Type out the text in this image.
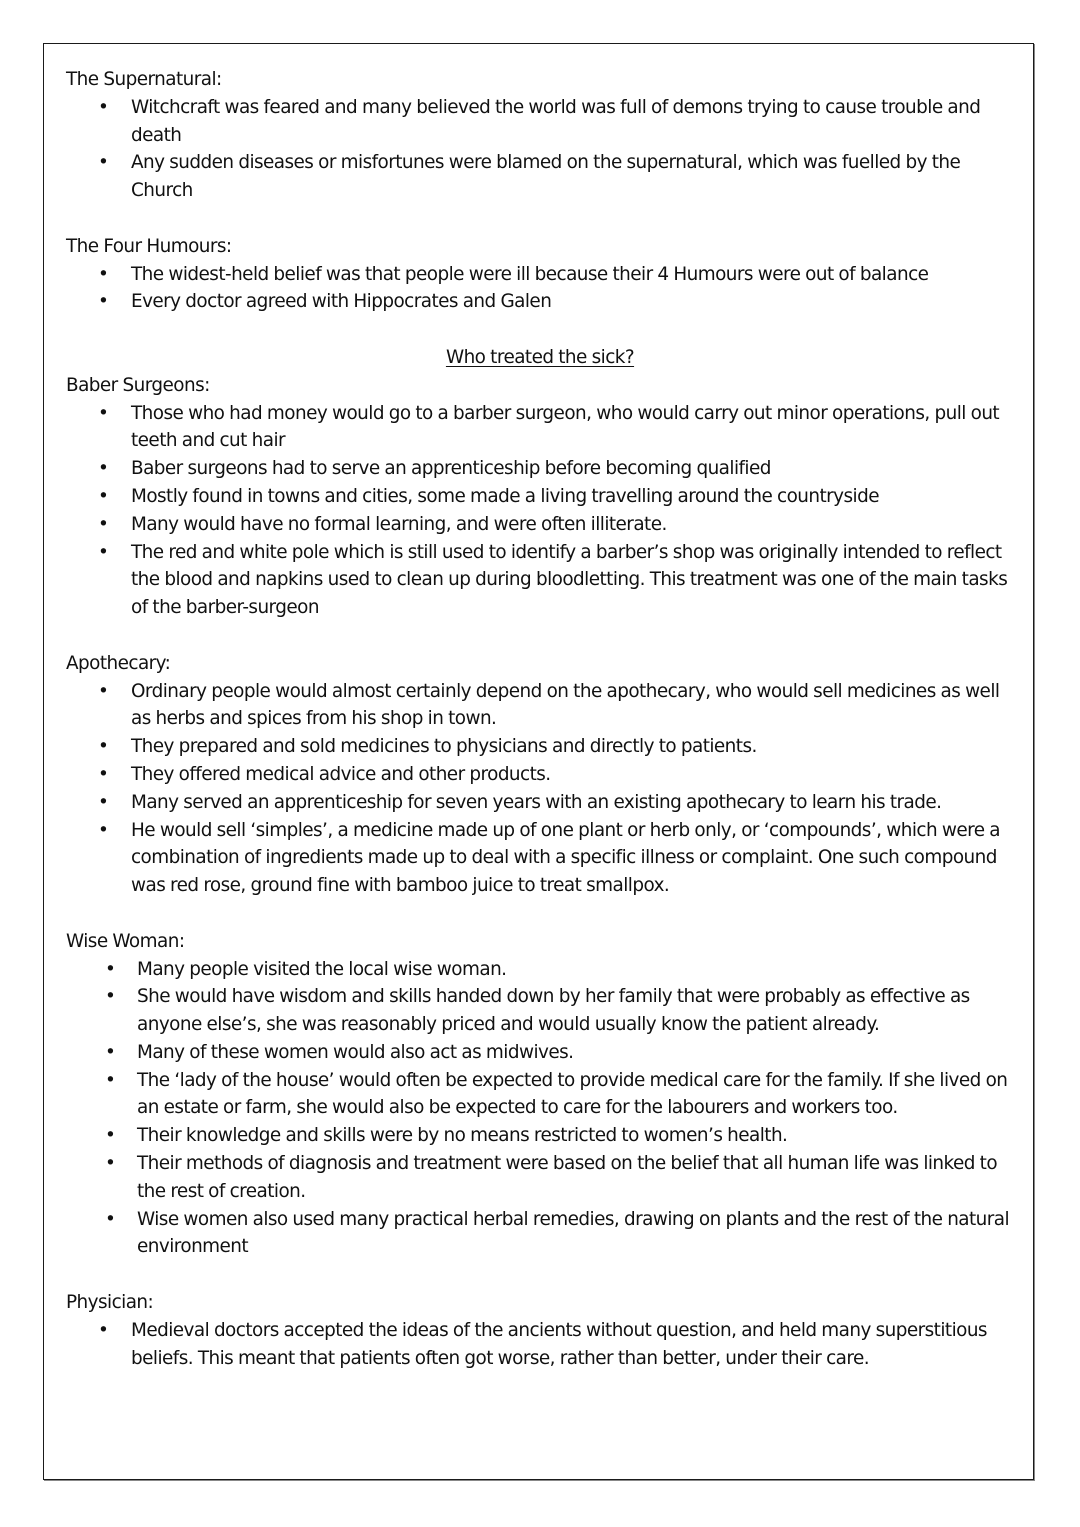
The Supernatural:

• Witchcraft was feared and many believed the world was full of demons trying to cause trouble and death
• Any sudden diseases or misfortunes were blamed on the supernatural, which was fuelled by the Church

The Four Humours:

• The widest-held belief was that people were ill because their 4 Humours were out of balance
• Every doctor agreed with Hippocrates and Galen
Who treated the sick?

Baber Surgeons:

• Those who had money would go to a barber surgeon, who would carry out minor operations, pull out teeth and cut hair
• Baber surgeons had to serve an apprenticeship before becoming qualified
• Mostly found in towns and cities, some made a living travelling around the countryside
• Many would have no formal learning, and were often illiterate.
• The red and white pole which is still used to identify a barber’s shop was originally intended to reflect the blood and napkins used to clean up during bloodletting. This treatment was one of the main tasks of the barber-surgeon

Apothecary:

• Ordinary people would almost certainly depend on the apothecary, who would sell medicines as well as herbs and spices from his shop in town.
• They prepared and sold medicines to physicians and directly to patients.
• They offered medical advice and other products.
• Many served an apprenticeship for seven years with an existing apothecary to learn his trade.
• He would sell ‘simples’, a medicine made up of one plant or herb only, or ‘compounds’, which were a combination of ingredients made up to deal with a specific illness or complaint. One such compound was red rose, ground fine with bamboo juice to treat smallpox.

Wise Woman:

• Many people visited the local wise woman.
• She would have wisdom and skills handed down by her family that were probably as effective as anyone else’s, she was reasonably priced and would usually know the patient already.
• Many of these women would also act as midwives.
• The ‘lady of the house’ would often be expected to provide medical care for the family. If she lived on an estate or farm, she would also be expected to care for the labourers and workers too.
• Their knowledge and skills were by no means restricted to women’s health.
• Their methods of diagnosis and treatment were based on the belief that all human life was linked to the rest of creation.
• Wise women also used many practical herbal remedies, drawing on plants and the rest of the natural environment

Physician:

• Medieval doctors accepted the ideas of the ancients without question, and held many superstitious beliefs. This meant that patients often got worse, rather than better, under their care.
